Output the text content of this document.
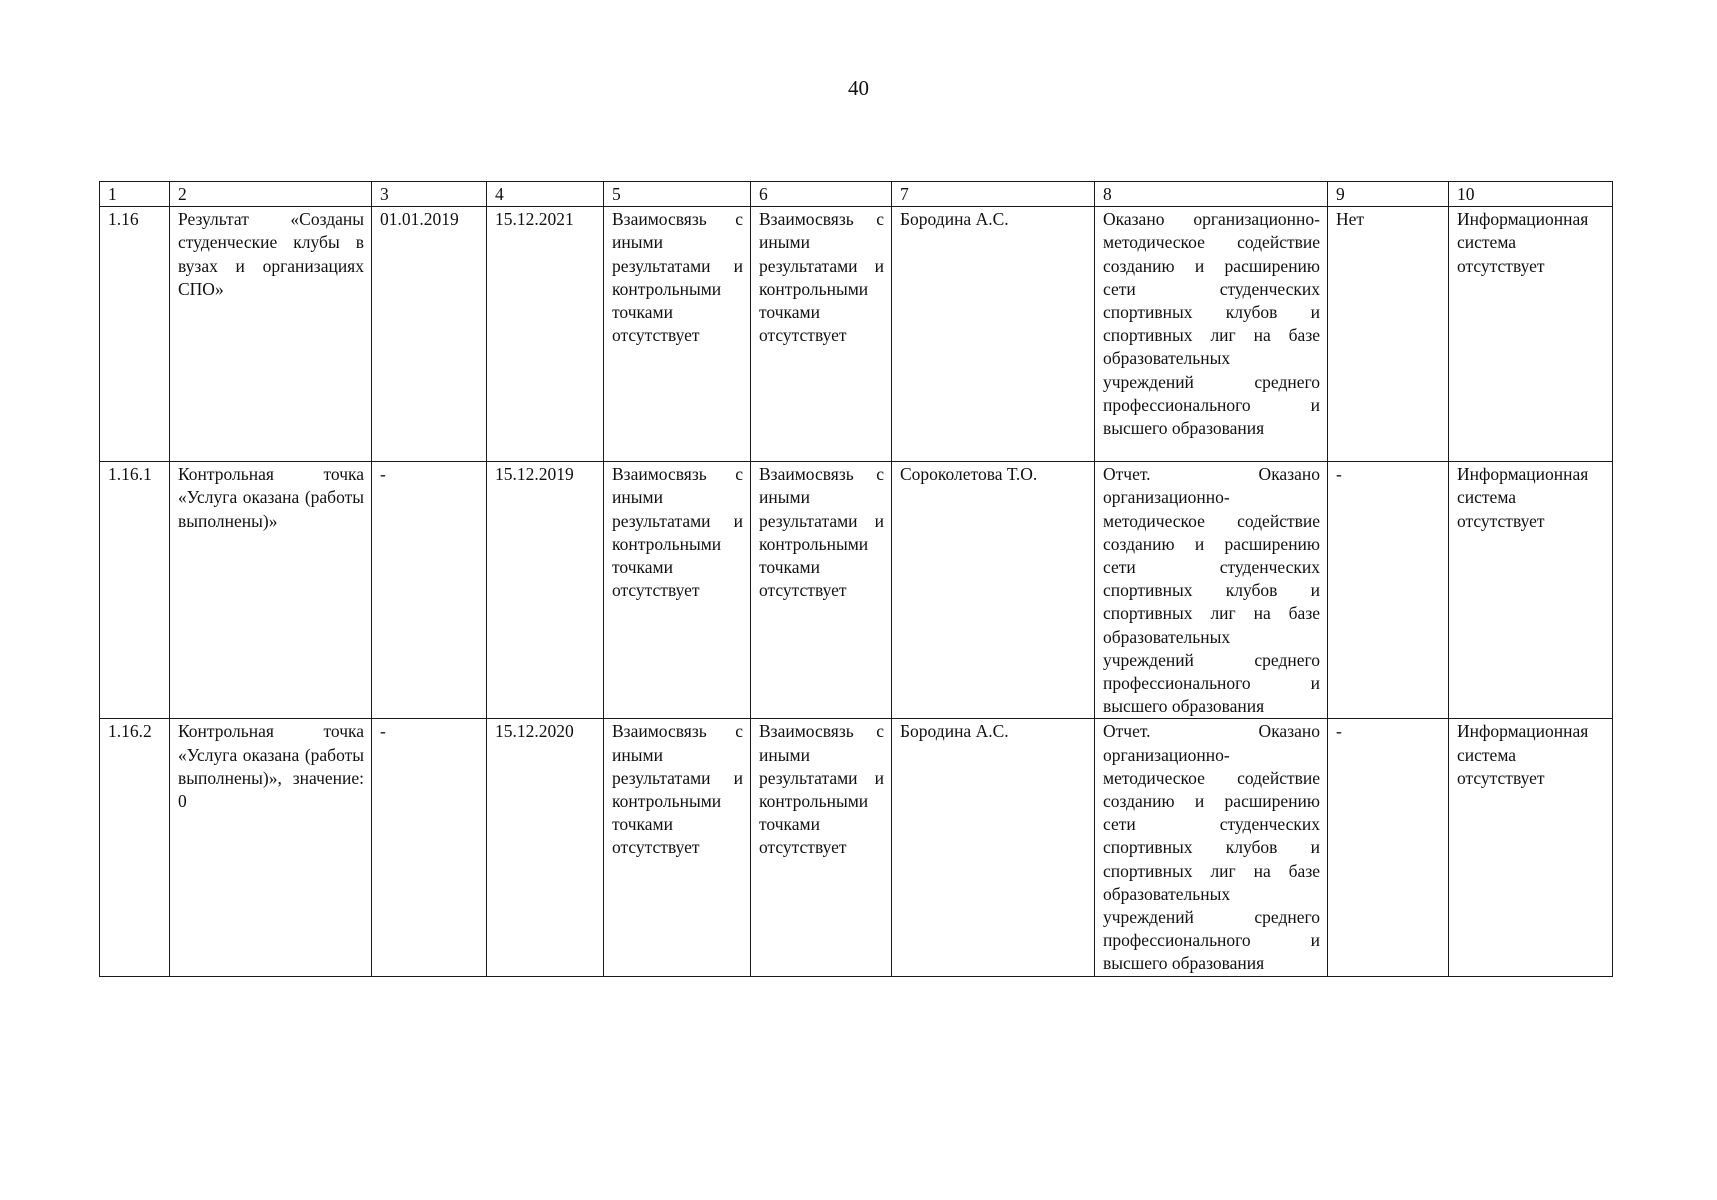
40
1	2	3	4	5	6	7	8	9	10
1.16	Результат «Созданы студенческие клубы в вузах и организациях СПО»	01.01.2019	15.12.2021	Взаимосвязь с иными результатами и контрольными точками отсутствует	Взаимосвязь с иными результатами и контрольными точками отсутствует	Бородина А.С.	Оказано организационно-методическое содействие созданию и расширению сети студенческих спортивных клубов и спортивных лиг на базе образовательных учреждений среднего профессионального и высшего образования	Нет	Информационная система отсутствует
1.16.1	Контрольная точка «Услуга оказана (работы выполнены)»	-	15.12.2019	Взаимосвязь с иными результатами и контрольными точками отсутствует	Взаимосвязь с иными результатами и контрольными точками отсутствует	Сороколетова Т.О.	Отчет. Оказано организационно-методическое содействие созданию и расширению сети студенческих спортивных клубов и спортивных лиг на базе образовательных учреждений среднего профессионального и высшего образования	-	Информационная система отсутствует
1.16.2	Контрольная точка «Услуга оказана (работы выполнены)», значение: 0	-	15.12.2020	Взаимосвязь с иными результатами и контрольными точками отсутствует	Взаимосвязь с иными результатами и контрольными точками отсутствует	Бородина А.С.	Отчет. Оказано организационно-методическое содействие созданию и расширению сети студенческих спортивных клубов и спортивных лиг на базе образовательных учреждений среднего профессионального и высшего образования	-	Информационная система отсутствует
